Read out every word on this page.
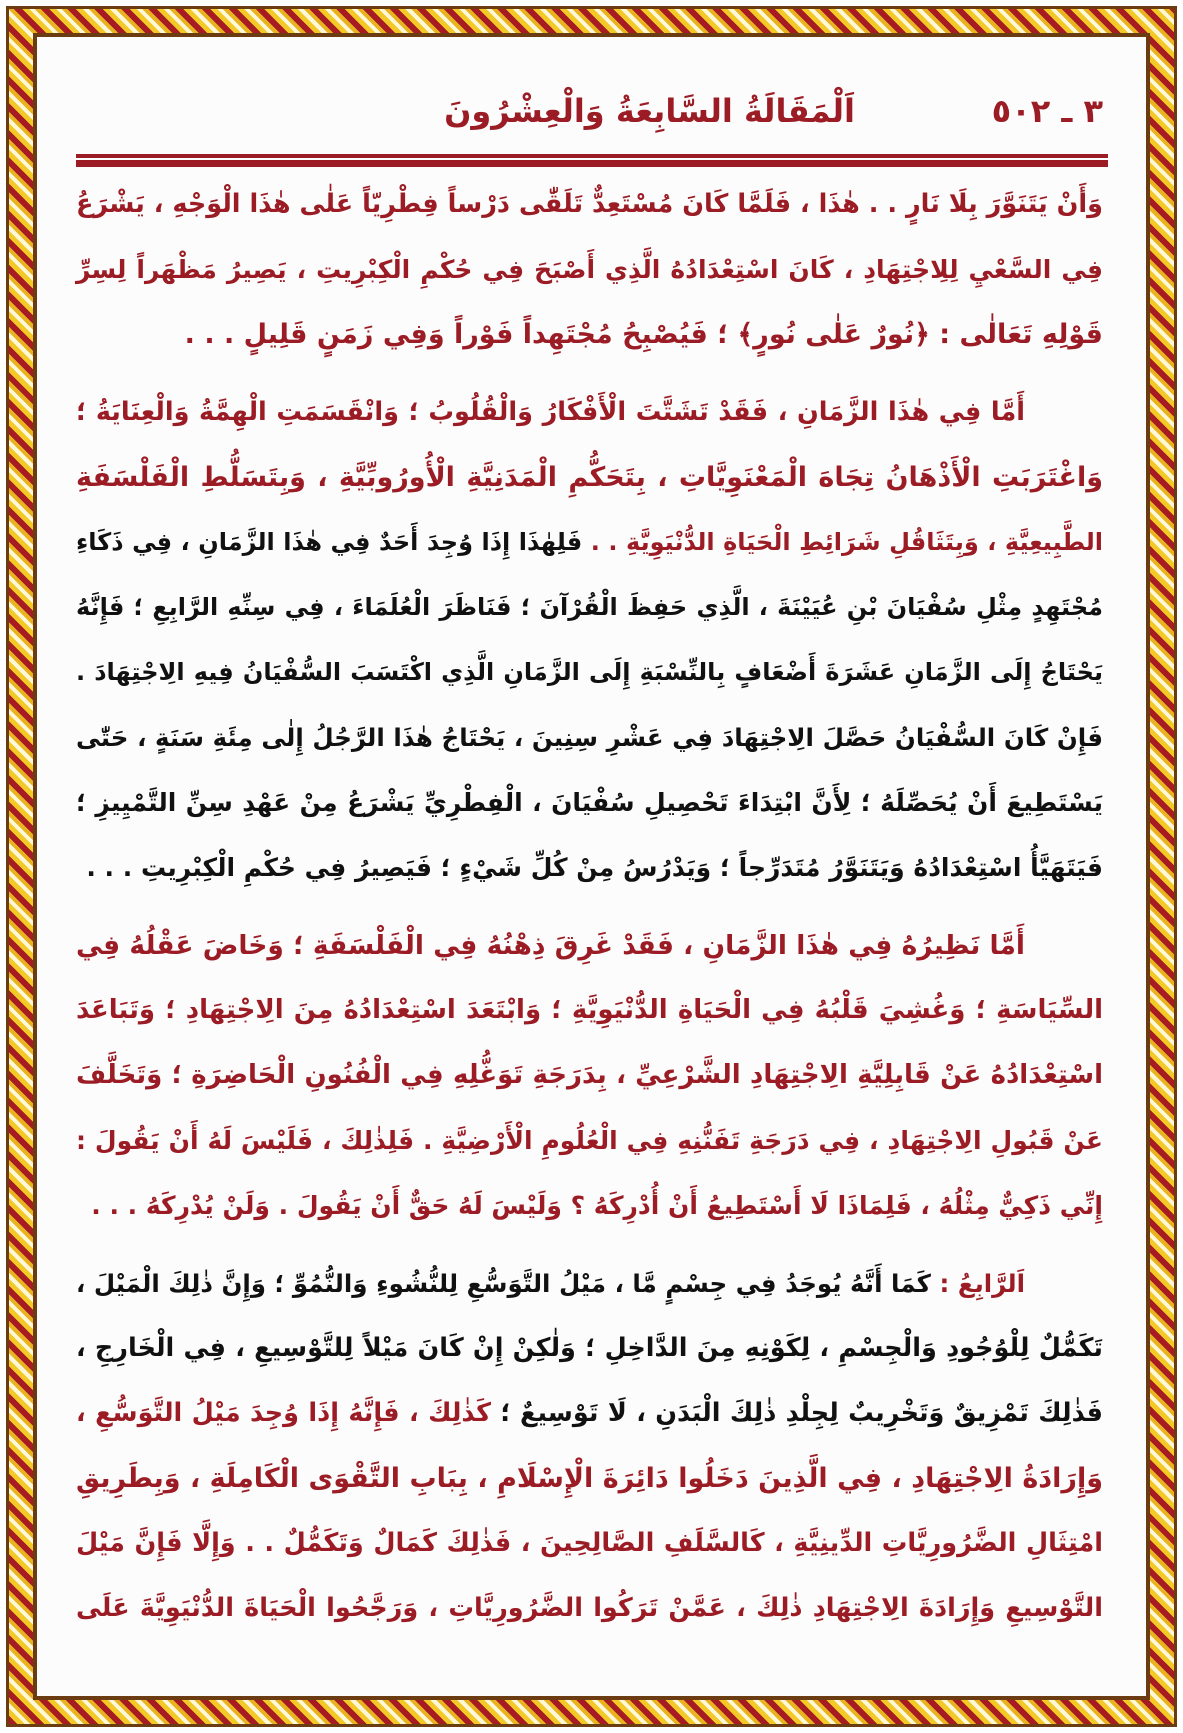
٣ ـ ٥٠٢
اَلْمَقَالَةُ السَّابِعَةُ وَالْعِشْرُونَ
وَأَنْ يَتَنَوَّرَ بِلَا نَارٍ . . هٰذَا ، فَلَمَّا كَانَ مُسْتَعِدٌّ تَلَقّٰى دَرْساً فِطْرِيّاً عَلٰى هٰذَا الْوَجْهِ ، يَشْرَعُ
فِي السَّعْيِ لِلِاجْتِهَادِ ، كَانَ اسْتِعْدَادُهُ الَّذِي أَصْبَحَ فِي حُكْمِ الْكِبْرِيتِ ، يَصِيرُ مَظْهَراً لِسِرِّ
قَوْلِهِ تَعَالٰى : ﴿نُورٌ عَلٰى نُورٍ﴾ ؛ فَيُصْبِحُ مُجْتَهِداً فَوْراً وَفِي زَمَنٍ قَلِيلٍ . . .
أَمَّا فِي هٰذَا الزَّمَانِ ، فَقَدْ تَشَتَّتَ الْأَفْكَارُ وَالْقُلُوبُ ؛ وَانْقَسَمَتِ الْهِمَّةُ وَالْعِنَايَةُ ؛
وَاغْتَرَبَتِ الْأَذْهَانُ تِجَاهَ الْمَعْنَوِيَّاتِ ، بِتَحَكُّمِ الْمَدَنِيَّةِ الْأُورُوبِّيَّةِ ، وَبِتَسَلُّطِ الْفَلْسَفَةِ
الطَّبِيعِيَّةِ ، وَبِتَثَاقُلِ شَرَائِطِ الْحَيَاةِ الدُّنْيَوِيَّةِ . . فَلِهٰذَا إِذَا وُجِدَ أَحَدٌ فِي هٰذَا الزَّمَانِ ، فِي ذَكَاءِ
مُجْتَهِدٍ مِثْلِ سُفْيَانَ بْنِ عُيَيْنَةَ ، الَّذِي حَفِظَ الْقُرْآنَ ؛ فَنَاظَرَ الْعُلَمَاءَ ، فِي سِنِّهِ الرَّابِعِ ؛ فَإِنَّهُ
يَحْتَاجُ إِلَى الزَّمَانِ عَشَرَةَ أَضْعَافٍ بِالنِّسْبَةِ إِلَى الزَّمَانِ الَّذِي اكْتَسَبَ السُّفْيَانُ فِيهِ الِاجْتِهَادَ .
فَإِنْ كَانَ السُّفْيَانُ حَصَّلَ الِاجْتِهَادَ فِي عَشْرِ سِنِينَ ، يَحْتَاجُ هٰذَا الرَّجُلُ إِلٰى مِئَةِ سَنَةٍ ، حَتّٰى
يَسْتَطِيعَ أَنْ يُحَصِّلَهُ ؛ لِأَنَّ ابْتِدَاءَ تَحْصِيلِ سُفْيَانَ ، الْفِطْرِيِّ يَشْرَعُ مِنْ عَهْدِ سِنِّ التَّمْيِيزِ ؛
فَيَتَهَيَّأُ اسْتِعْدَادُهُ وَيَتَنَوَّرُ مُتَدَرِّجاً ؛ وَيَدْرُسُ مِنْ كُلِّ شَيْءٍ ؛ فَيَصِيرُ فِي حُكْمِ الْكِبْرِيتِ . . .
أَمَّا نَظِيرُهُ فِي هٰذَا الزَّمَانِ ، فَقَدْ غَرِقَ ذِهْنُهُ فِي الْفَلْسَفَةِ ؛ وَخَاضَ عَقْلُهُ فِي
السِّيَاسَةِ ؛ وَغُشِيَ قَلْبُهُ فِي الْحَيَاةِ الدُّنْيَوِيَّةِ ؛ وَابْتَعَدَ اسْتِعْدَادُهُ مِنَ الِاجْتِهَادِ ؛ وَتَبَاعَدَ
اسْتِعْدَادُهُ عَنْ قَابِلِيَّةِ الِاجْتِهَادِ الشَّرْعِيِّ ، بِدَرَجَةِ تَوَغُّلِهِ فِي الْفُنُونِ الْحَاضِرَةِ ؛ وَتَخَلَّفَ
عَنْ قَبُولِ الِاجْتِهَادِ ، فِي دَرَجَةِ تَفَنُّنِهِ فِي الْعُلُومِ الْأَرْضِيَّةِ . فَلِذٰلِكَ ، فَلَيْسَ لَهُ أَنْ يَقُولَ :
إِنِّي ذَكِيٌّ مِثْلُهُ ، فَلِمَاذَا لَا أَسْتَطِيعُ أَنْ أُدْرِكَهُ ؟ وَلَيْسَ لَهُ حَقٌّ أَنْ يَقُولَ . وَلَنْ يُدْرِكَهُ . . .
اَلرَّابِعُ : كَمَا أَنَّهُ يُوجَدُ فِي جِسْمٍ مَّا ، مَيْلُ التَّوَسُّعِ لِلنُّشُوءِ وَالنُّمُوِّ ؛ وَإِنَّ ذٰلِكَ الْمَيْلَ ،
تَكَمُّلٌ لِلْوُجُودِ وَالْجِسْمِ ، لِكَوْنِهِ مِنَ الدَّاخِلِ ؛ وَلٰكِنْ إِنْ كَانَ مَيْلاً لِلتَّوْسِيعِ ، فِي الْخَارِجِ ،
فَذٰلِكَ تَمْزِيقٌ وَتَخْرِيبٌ لِجِلْدِ ذٰلِكَ الْبَدَنِ ، لَا تَوْسِيعٌ ؛ كَذٰلِكَ ، فَإِنَّهُ إِذَا وُجِدَ مَيْلُ التَّوَسُّعِ ،
وَإِرَادَةُ الِاجْتِهَادِ ، فِي الَّذِينَ دَخَلُوا دَائِرَةَ الْإِسْلَامِ ، بِبَابِ التَّقْوَى الْكَامِلَةِ ، وَبِطَرِيقِ
امْتِثَالِ الضَّرُورِيَّاتِ الدِّينِيَّةِ ، كَالسَّلَفِ الصَّالِحِينَ ، فَذٰلِكَ كَمَالٌ وَتَكَمُّلٌ . . وَإِلَّا فَإِنَّ مَيْلَ
التَّوْسِيعِ وَإِرَادَةَ الِاجْتِهَادِ ذٰلِكَ ، عَمَّنْ تَرَكُوا الضَّرُورِيَّاتِ ، وَرَجَّحُوا الْحَيَاةَ الدُّنْيَوِيَّةَ عَلَى
